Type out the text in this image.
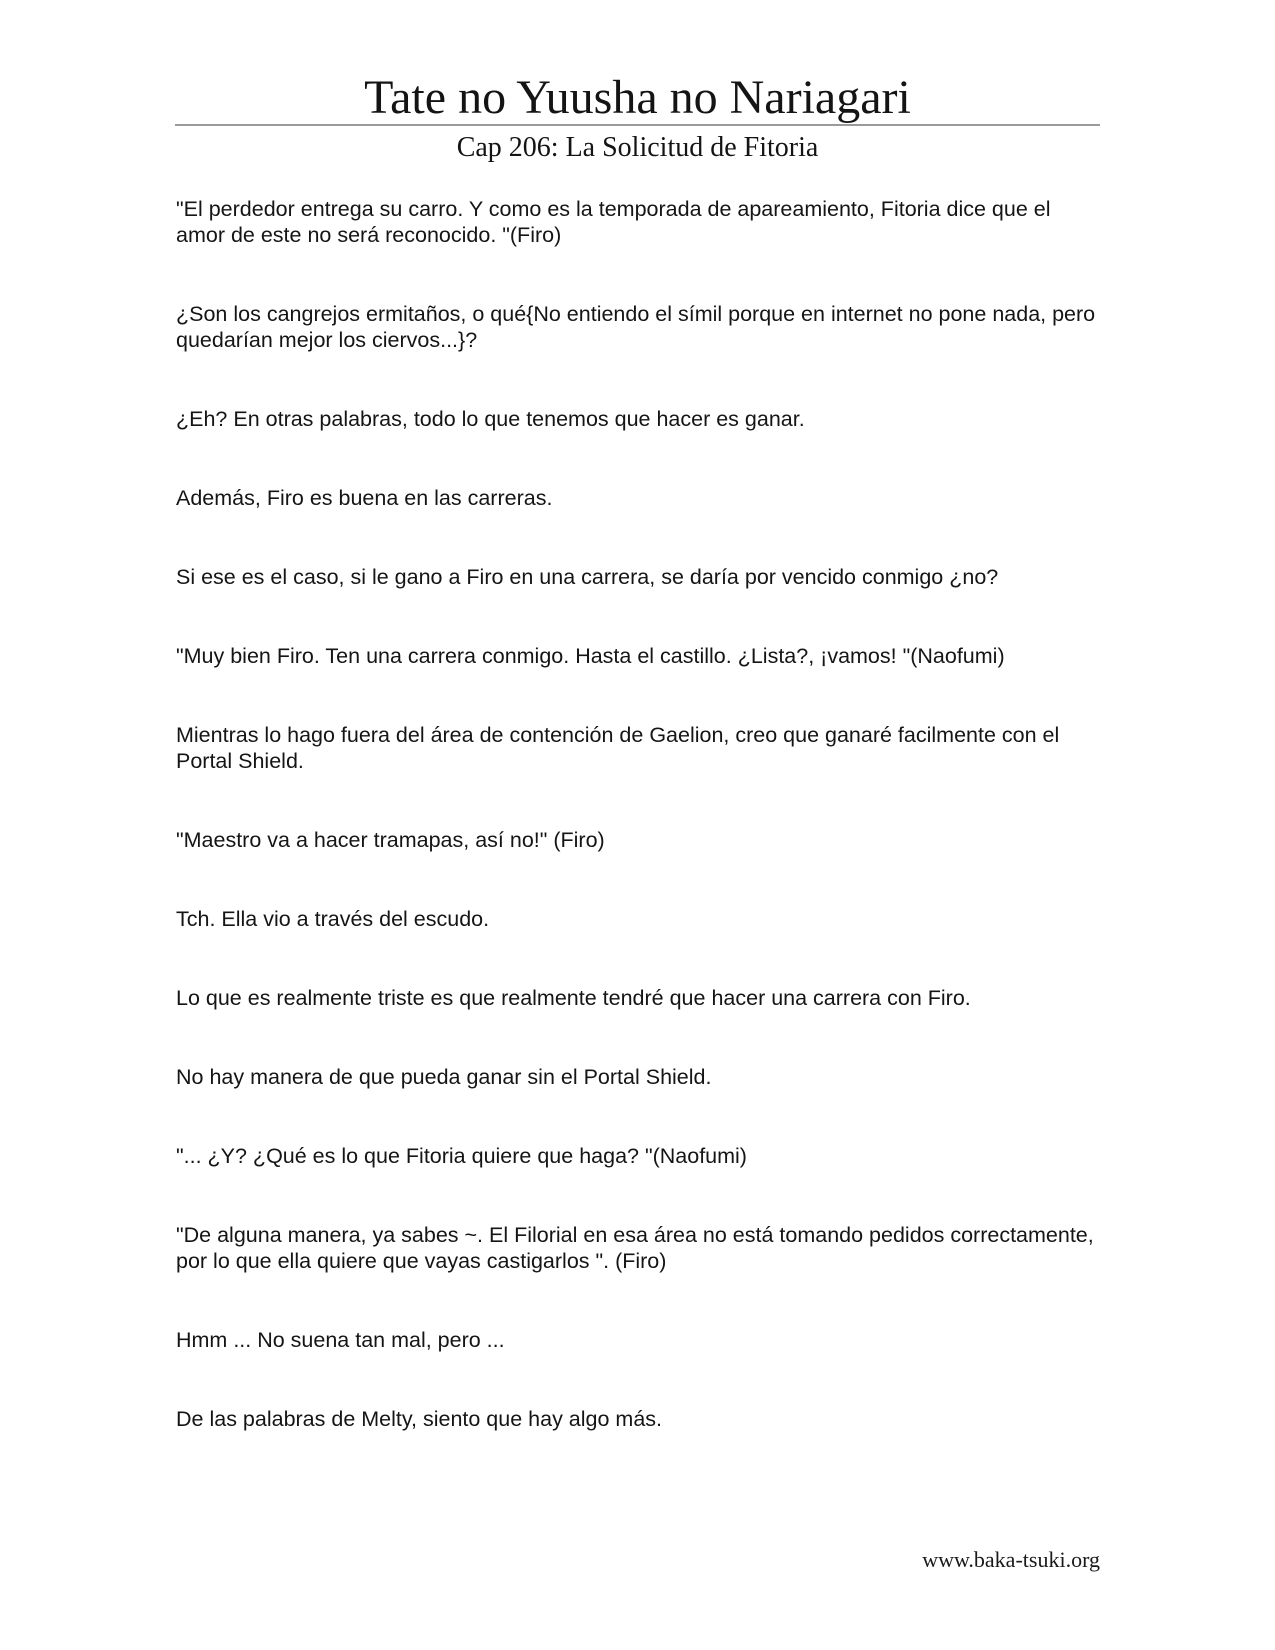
Tate no Yuusha no Nariagari
Cap 206: La Solicitud de Fitoria

"El perdedor entrega su carro. Y como es la temporada de apareamiento, Fitoria dice que el amor de este no será reconocido. "(Firo)

¿Son los cangrejos ermitaños, o qué{No entiendo el símil porque en internet no pone nada, pero quedarían mejor los ciervos...}?

¿Eh? En otras palabras, todo lo que tenemos que hacer es ganar.

Además, Firo es buena en las carreras.

Si ese es el caso, si le gano a Firo en una carrera, se daría por vencido conmigo ¿no?

"Muy bien Firo. Ten una carrera conmigo. Hasta el castillo. ¿Lista?, ¡vamos! "(Naofumi)

Mientras lo hago fuera del área de contención de Gaelion, creo que ganaré facilmente con el Portal Shield.

"Maestro va a hacer tramapas, así no!" (Firo)

Tch. Ella vio a través del escudo.

Lo que es realmente triste es que realmente tendré que hacer una carrera con Firo.

No hay manera de que pueda ganar sin el Portal Shield.

"... ¿Y? ¿Qué es lo que Fitoria quiere que haga? "(Naofumi)

"De alguna manera, ya sabes ~. El Filorial en esa área no está tomando pedidos correctamente, por lo que ella quiere que vayas castigarlos ". (Firo)

Hmm ... No suena tan mal, pero ...

De las palabras de Melty, siento que hay algo más.

www.baka-tsuki.org
